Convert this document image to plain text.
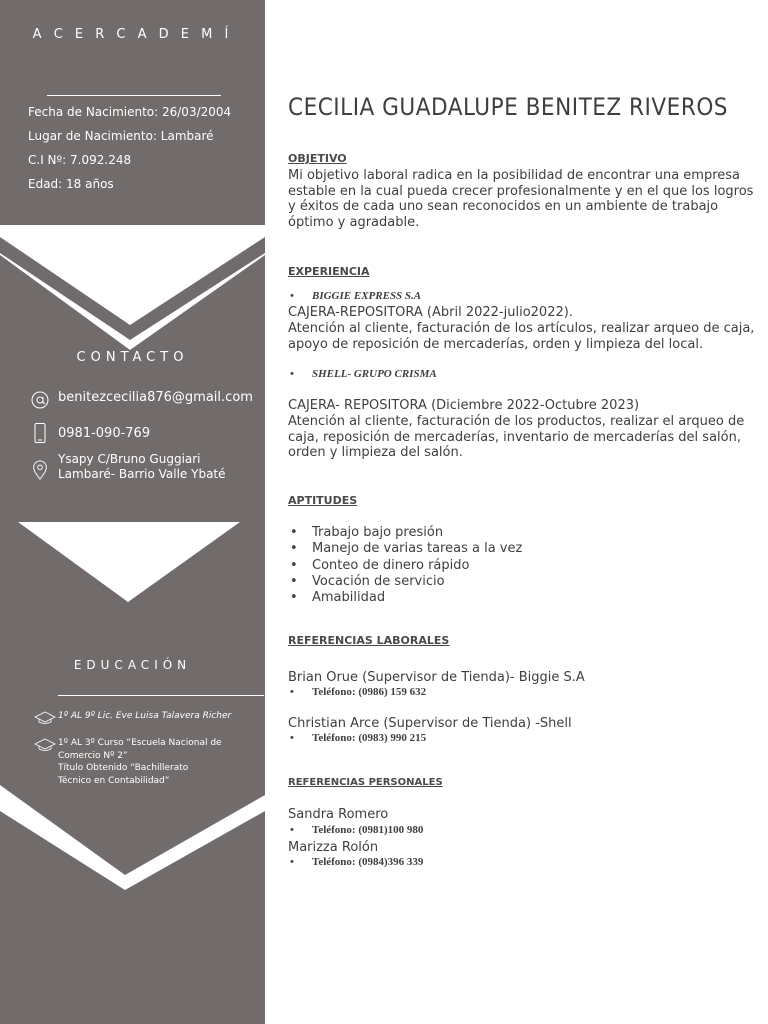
A C E R C A D E M Í
Fecha de Nacimiento: 26/03/2004
Lugar de Nacimiento: Lambaré
C.I Nº: 7.092.248
Edad: 18 años
CONTACTO
benitezcecilia876@gmail.com
0981-090-769
Ysapy C/Bruno Guggiari
Lambaré- Barrio Valle Ybaté
EDUCACIÓN
1º AL 9º Lic. Eve Luisa Talavera Richer
1º AL 3º Curso “Escuela Nacional de
Comercio Nº 2”
Título Obtenido “Bachillerato
Técnico en Contabilidad”
CECILIA GUADALUPE BENITEZ RIVEROS
OBJETIVO
Mi objetivo laboral radica en la posibilidad de encontrar una empresa estable en la cual pueda crecer profesionalmente y en el que los logros y éxitos de cada uno sean reconocidos en un ambiente de trabajo óptimo y agradable.
EXPERIENCIA
• BIGGIE EXPRESS S.A
CAJERA-REPOSITORA (Abril 2022-julio2022).
Atención al cliente, facturación de los artículos, realizar arqueo de caja, apoyo de reposición de mercaderías, orden y limpieza del local.
• SHELL- GRUPO CRISMA
CAJERA- REPOSITORA (Diciembre 2022-Octubre 2023)
Atención al cliente, facturación de los productos, realizar el arqueo de caja, reposición de mercaderías, inventario de mercaderías del salón, orden y limpieza del salón.
APTITUDES
• Trabajo bajo presión
• Manejo de varias tareas a la vez
• Conteo de dinero rápido
• Vocación de servicio
• Amabilidad
REFERENCIAS LABORALES
Brian Orue (Supervisor de Tienda)- Biggie S.A
• Teléfono: (0986) 159 632
Christian Arce (Supervisor de Tienda) -Shell
• Teléfono: (0983) 990 215
REFERENCIAS PERSONALES
Sandra Romero
• Teléfono: (0981)100 980
Marizza Rolón
• Teléfono: (0984)396 339
